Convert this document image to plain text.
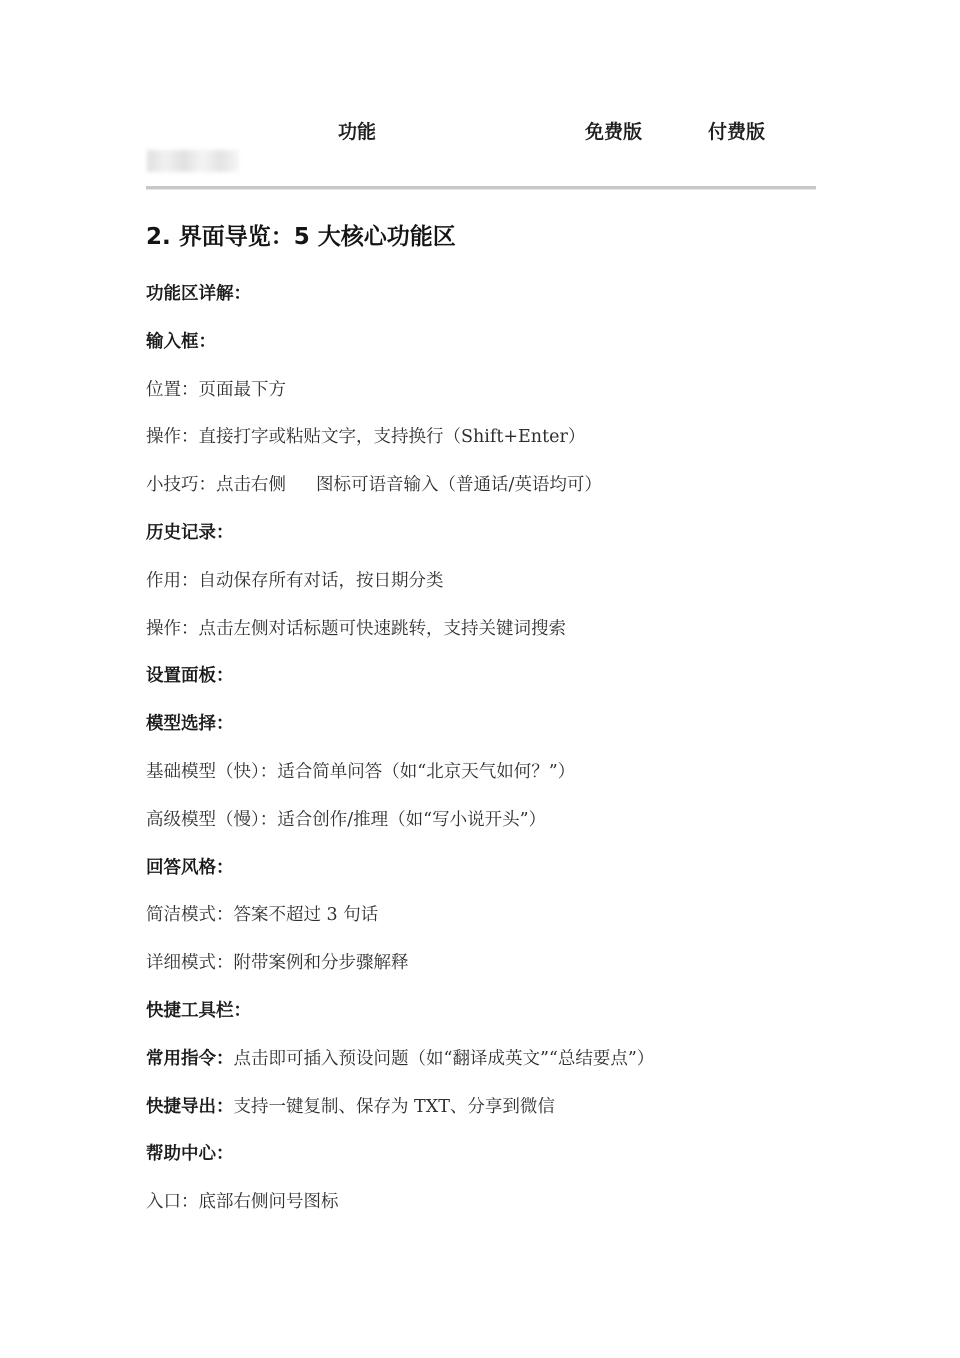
功能	免费版	付费版
2. 界面导览：5 大核心功能区
功能区详解：
输入框：
位置：页面最下方
操作：直接打字或粘贴文字，支持换行（Shift+Enter）
小技巧：点击右侧 图标可语音输入（普通话/英语均可）
历史记录：
作用：自动保存所有对话，按日期分类
操作：点击左侧对话标题可快速跳转，支持关键词搜索
设置面板：
模型选择：
基础模型（快）：适合简单问答（如“北京天气如何？”）
高级模型（慢）：适合创作/推理（如“写小说开头”）
回答风格：
简洁模式：答案不超过 3 句话
详细模式：附带案例和分步骤解释
快捷工具栏：
常用指令：点击即可插入预设问题（如“翻译成英文”“总结要点”）
快捷导出：支持一键复制、保存为 TXT、分享到微信
帮助中心：
入口：底部右侧问号图标
